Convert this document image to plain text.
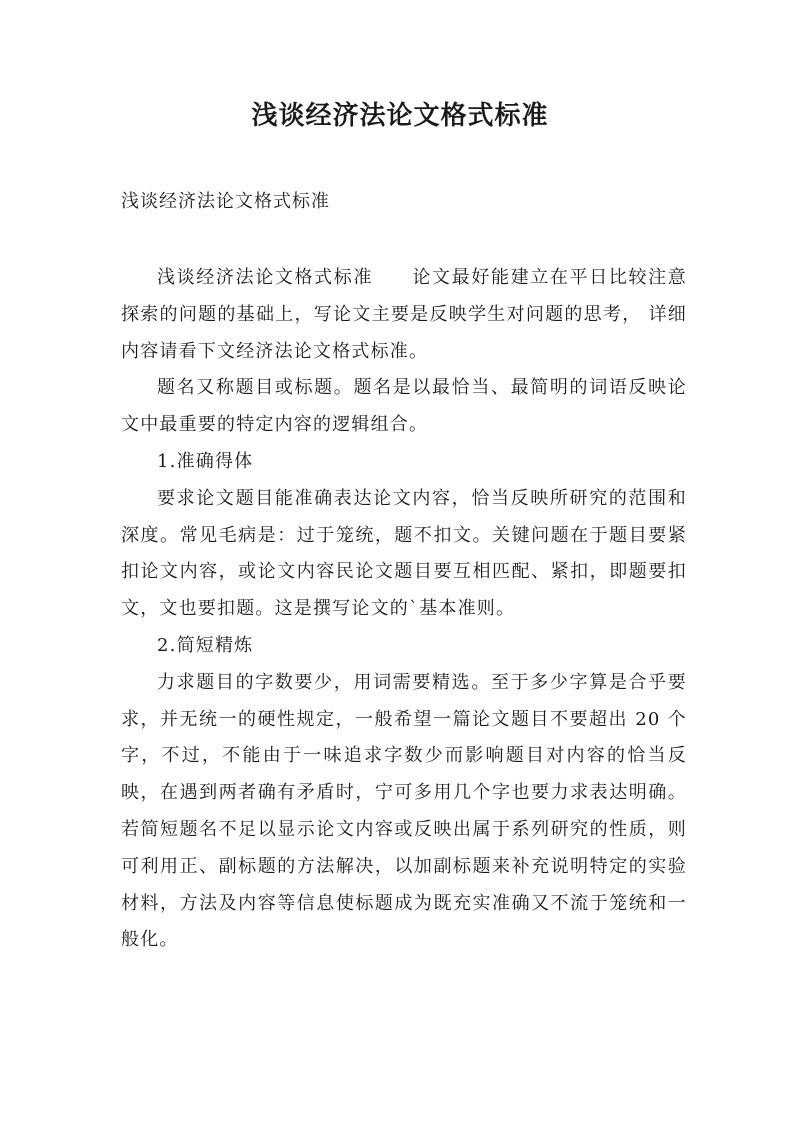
浅谈经济法论文格式标准
浅谈经济法论文格式标准

浅谈经济法论文格式标准　　论文最好能建立在平日比较注意探索的问题的基础上，写论文主要是反映学生对问题的思考， 详细内容请看下文经济法论文格式标准。

题名又称题目或标题。题名是以最恰当、最简明的词语反映论文中最重要的特定内容的逻辑组合。

1.准确得体

要求论文题目能准确表达论文内容，恰当反映所研究的范围和深度。常见毛病是：过于笼统，题不扣文。关键问题在于题目要紧扣论文内容，或论文内容民论文题目要互相匹配、紧扣，即题要扣文，文也要扣题。这是撰写论文的`基本准则。

2.简短精炼

力求题目的字数要少，用词需要精选。至于多少字算是合乎要求，并无统一的硬性规定，一般希望一篇论文题目不要超出 20 个字，不过，不能由于一味追求字数少而影响题目对内容的恰当反映，在遇到两者确有矛盾时，宁可多用几个字也要力求表达明确。若简短题名不足以显示论文内容或反映出属于系列研究的性质，则可利用正、副标题的方法解决，以加副标题来补充说明特定的实验材料，方法及内容等信息使标题成为既充实准确又不流于笼统和一般化。
